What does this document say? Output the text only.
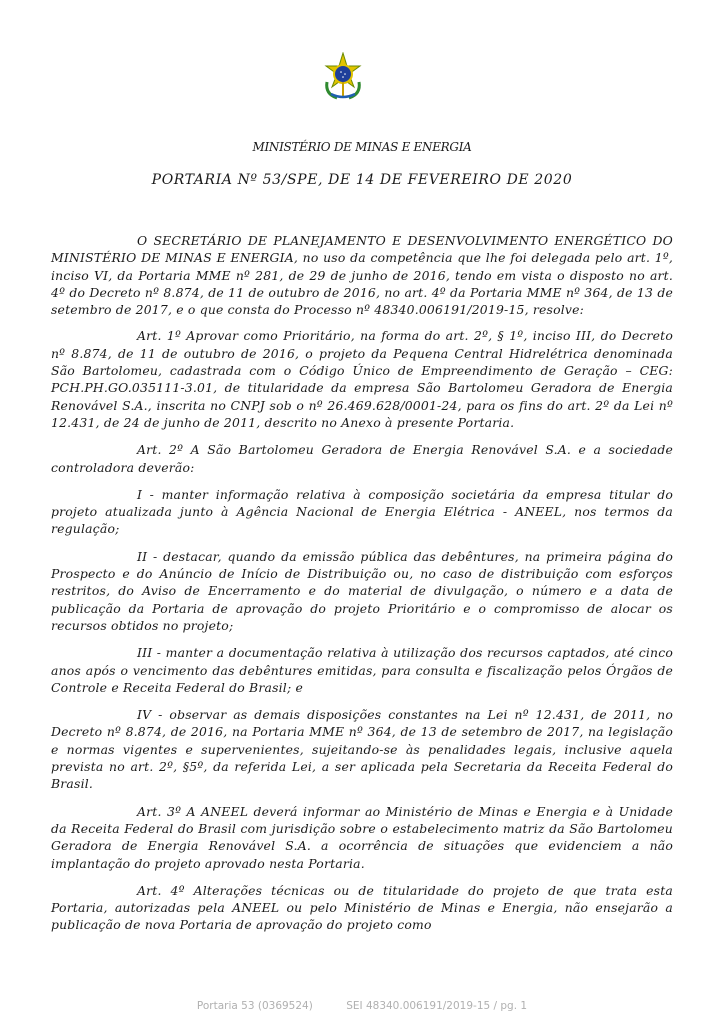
MINISTÉRIO DE MINAS E ENERGIA
PORTARIA Nº 53/SPE, DE 14 DE FEVEREIRO DE 2020

O SECRETÁRIO DE PLANEJAMENTO E DESENVOLVIMENTO ENERGÉTICO DO MINISTÉRIO DE MINAS E ENERGIA, no uso da competência que lhe foi delegada pelo art. 1º, inciso VI, da Portaria MME nº 281, de 29 de junho de 2016, tendo em vista o disposto no art. 4º do Decreto nº 8.874, de 11 de outubro de 2016, no art. 4º da Portaria MME nº 364, de 13 de setembro de 2017, e o que consta do Processo nº 48340.006191/2019-15, resolve:

Art. 1º Aprovar como Prioritário, na forma do art. 2º, § 1º, inciso III, do Decreto nº 8.874, de 11 de outubro de 2016, o projeto da Pequena Central Hidrelétrica denominada São Bartolomeu, cadastrada com o Código Único de Empreendimento de Geração – CEG: PCH.PH.GO.035111-3.01, de titularidade da empresa São Bartolomeu Geradora de Energia Renovável S.A., inscrita no CNPJ sob o nº 26.469.628/0001-24, para os fins do art. 2º da Lei nº 12.431, de 24 de junho de 2011, descrito no Anexo à presente Portaria.

Art. 2º A São Bartolomeu Geradora de Energia Renovável S.A. e a sociedade controladora deverão:

I - manter informação relativa à composição societária da empresa titular do projeto atualizada junto à Agência Nacional de Energia Elétrica - ANEEL, nos termos da regulação;

II - destacar, quando da emissão pública das debêntures, na primeira página do Prospecto e do Anúncio de Início de Distribuição ou, no caso de distribuição com esforços restritos, do Aviso de Encerramento e do material de divulgação, o número e a data de publicação da Portaria de aprovação do projeto Prioritário e o compromisso de alocar os recursos obtidos no projeto;

III - manter a documentação relativa à utilização dos recursos captados, até cinco anos após o vencimento das debêntures emitidas, para consulta e fiscalização pelos Órgãos de Controle e Receita Federal do Brasil; e

IV - observar as demais disposições constantes na Lei nº 12.431, de 2011, no Decreto nº 8.874, de 2016, na Portaria MME nº 364, de 13 de setembro de 2017, na legislação e normas vigentes e supervenientes, sujeitando-se às penalidades legais, inclusive aquela prevista no art. 2º, §5º, da referida Lei, a ser aplicada pela Secretaria da Receita Federal do Brasil.

Art. 3º A ANEEL deverá informar ao Ministério de Minas e Energia e à Unidade da Receita Federal do Brasil com jurisdição sobre o estabelecimento matriz da São Bartolomeu Geradora de Energia Renovável S.A. a ocorrência de situações que evidenciem a não implantação do projeto aprovado nesta Portaria.

Art. 4º Alterações técnicas ou de titularidade do projeto de que trata esta Portaria, autorizadas pela ANEEL ou pelo Ministério de Minas e Energia, não ensejarão a publicação de nova Portaria de aprovação do projeto como

Portaria 53 (0369524)	SEI 48340.006191/2019-15 / pg. 1
